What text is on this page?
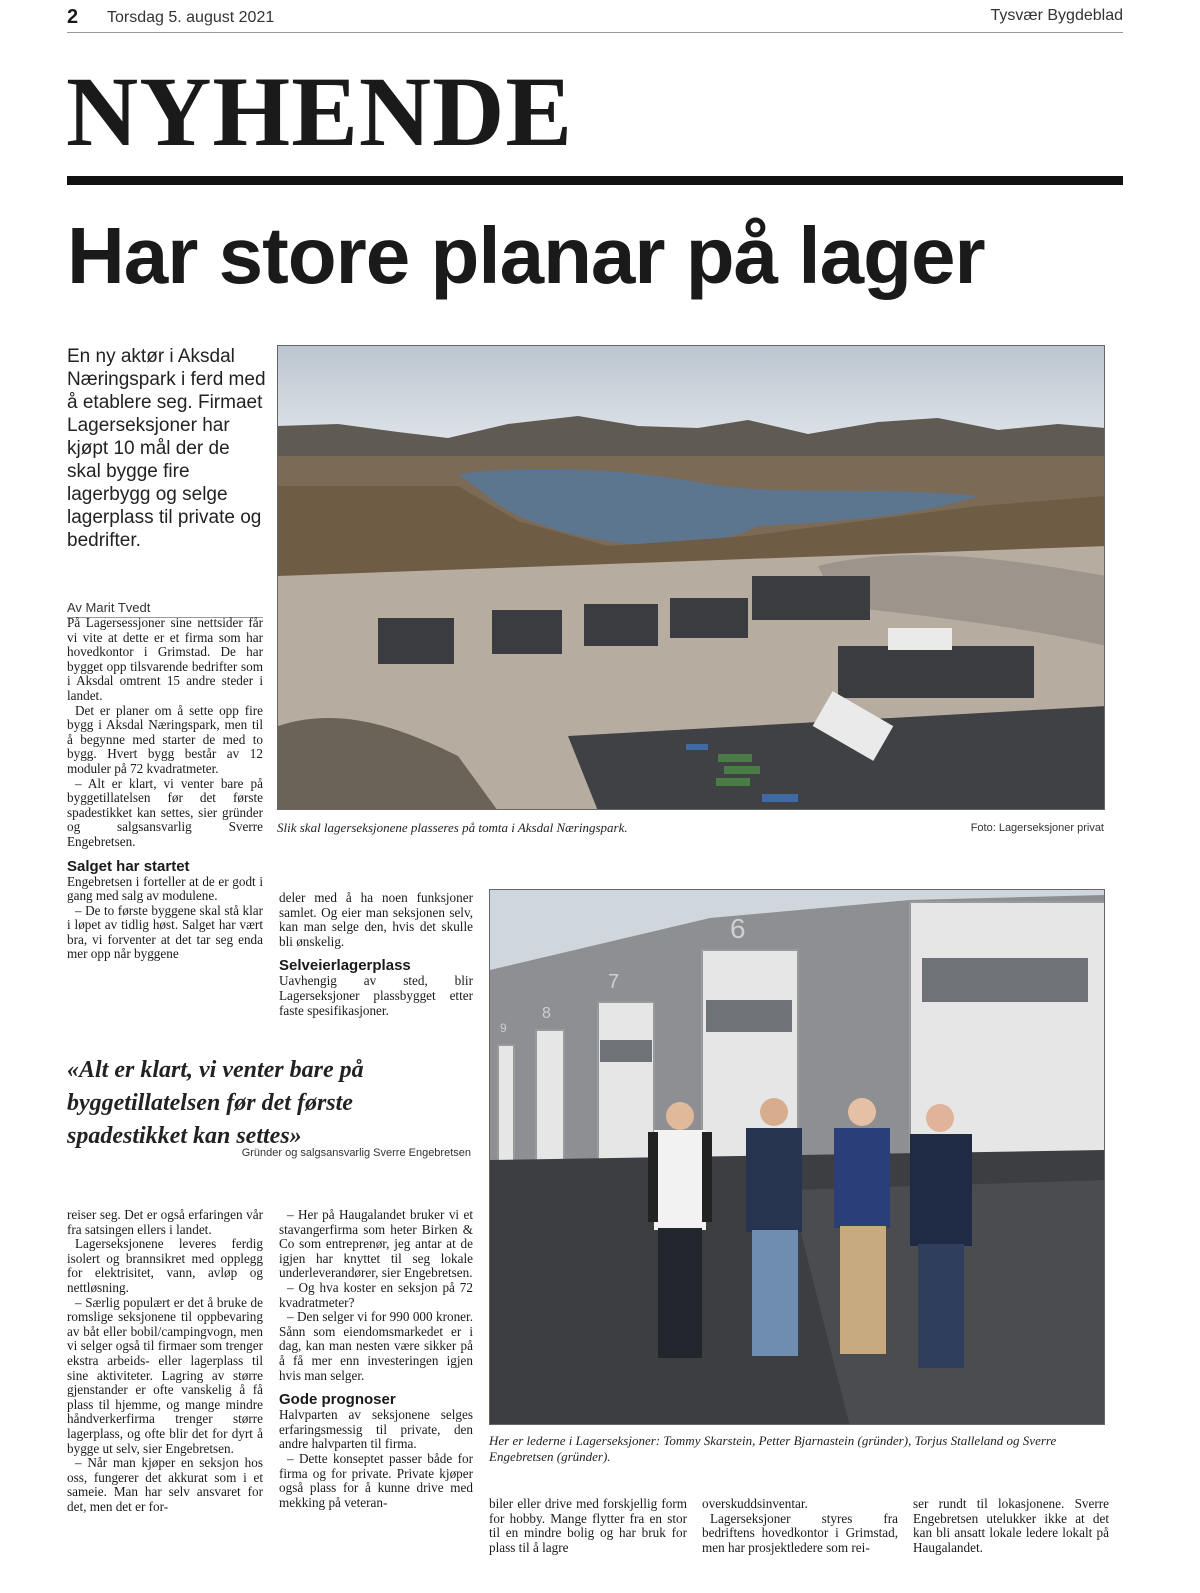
2 Torsdag 5. august 2021	Tysvær Bygdeblad
NYHENDE
Har store planar på lager
En ny aktør i Aksdal Næringspark i ferd med å etablere seg. Firmaet Lagerseksjoner har kjøpt 10 mål der de skal bygge fire lagerbygg og selge lagerplass til private og bedrifter.
Av Marit Tvedt

På Lagersessjoner sine nettsider får vi vite at dette er et firma som har hovedkontor i Grimstad. De har bygget opp tilsvarende bedrifter som i Aksdal omtrent 15 andre steder i landet.

Det er planer om å sette opp fire bygg i Aksdal Næringspark, men til å begynne med starter de med to bygg. Hvert bygg består av 12 moduler på 72 kvadratmeter.

– Alt er klart, vi venter bare på byggetillatelsen før det første spadestikket kan settes, sier gründer og salgsansvarlig Sverre Engebretsen.

Salget har startet

Engebretsen i forteller at de er godt i gang med salg av modulene.

– De to første byggene skal stå klar i løpet av tidlig høst. Salget har vært bra, vi forventer at det tar seg enda mer opp når byggene

deler med å ha noen funksjoner samlet. Og eier man seksjonen selv, kan man selge den, hvis det skulle bli ønskelig.

Selveierlagerplass

Uavhengig av sted, blir Lagerseksjoner plassbygget etter faste spesifikasjoner.

«Alt er klart, vi venter bare på byggetillatelsen før det første spadestikket kan settes»
Gründer og salgsansvarlig Sverre Engebretsen

reiser seg. Det er også erfaringen vår fra satsingen ellers i landet.

Lagerseksjonene leveres ferdig isolert og brannsikret med opplegg for elektrisitet, vann, avløp og nettløsning.

– Særlig populært er det å bruke de romslige seksjonene til oppbevaring av båt eller bobil/campingvogn, men vi selger også til firmaer som trenger ekstra arbeids- eller lagerplass til sine aktiviteter. Lagring av større gjenstander er ofte vanskelig å få plass til hjemme, og mange mindre håndverkerfirma trenger større lagerplass, og ofte blir det for dyrt å bygge ut selv, sier Engebretsen.

– Når man kjøper en seksjon hos oss, fungerer det akkurat som i et sameie. Man har selv ansvaret for det, men det er for-

– Her på Haugalandet bruker vi et stavangerfirma som heter Birken & Co som entreprenør, jeg antar at de igjen har knyttet til seg lokale underleverandører, sier Engebretsen.

– Og hva koster en seksjon på 72 kvadratmeter?

– Den selger vi for 990 000 kroner. Sånn som eiendomsmarkedet er i dag, kan man nesten være sikker på å få mer enn investeringen igjen hvis man selger.

Gode prognoser

Halvparten av seksjonene selges erfaringsmessig til private, den andre halvparten til firma.

– Dette konseptet passer både for firma og for private. Private kjøper også plass for å kunne drive med mekking på veteran-	biler eller drive med forskjellig form for hobby. Mange flytter fra en stor til en mindre bolig og har bruk for plass til å lagre

overskuddsinventar.

Lagerseksjoner styres fra bedriftens hovedkontor i Grimstad, men har prosjektledere som rei-

ser rundt til lokasjonene. Sverre Engebretsen utelukker ikke at det kan bli ansatt lokale ledere lokalt på Haugalandet.

Slik skal lagerseksjonene plasseres på tomta i Aksdal Næringspark.	Foto: Lagerseksjoner privat
6
7
8
9
Her er lederne i Lagerseksjoner: Tommy Skarstein, Petter Bjarnastein (gründer), Torjus Stalleland og Sverre Engebretsen (gründer).
